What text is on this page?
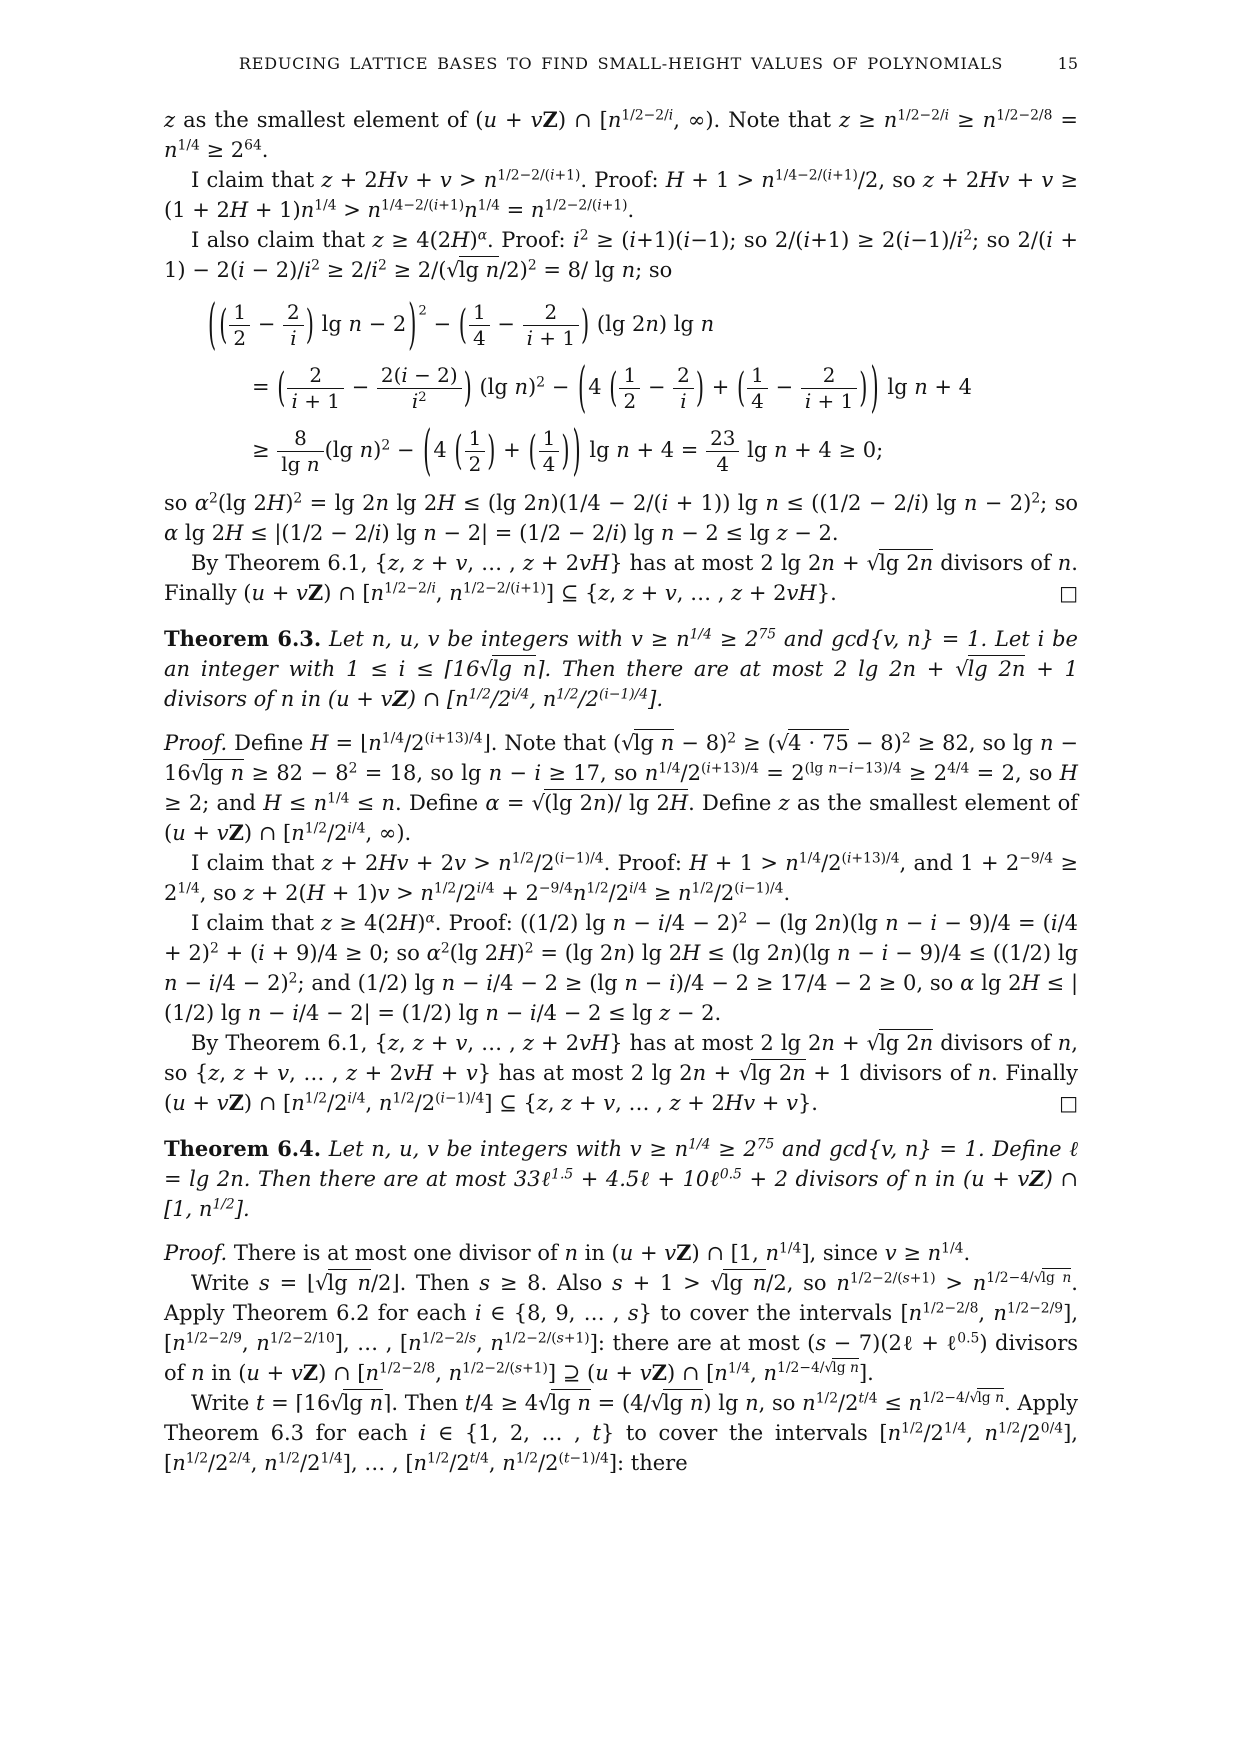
REDUCING LATTICE BASES TO FIND SMALL-HEIGHT VALUES OF POLYNOMIALS	15

z as the smallest element of (u + vZ) ∩ [$n^{1/2-2/i}$, ∞). Note that $z \ge n^{1/2-2/i} \ge n^{1/2-2/8} = n^{1/4} \ge 2^{64}$.

I claim that $z + 2Hv + v > n^{1/2-2/(i+1)}$. Proof: $H + 1 > n^{1/4-2/(i+1)}/2$, so $z + 2Hv + v \ge (1 + 2H + 1)n^{1/4} > n^{1/4-2/(i+1)}n^{1/4} = n^{1/2-2/(i+1)}$.

I also claim that $z \ge 4(2H)^\alpha$. Proof: $i^2 \ge (i+1)(i-1)$; so $2/(i+1) \ge 2(i-1)/i^2$; so $2/(i + 1) - 2(i - 2)/i^2 \ge 2/i^2 \ge 2/(√\lg$ n/2)$^2$ = 8/ lg n; so

( ( $\frac{1}{2} - \frac{2}{i}$ ) lg n − 2) $^2$ − ( $\frac{1}{4} - \frac{2}{i + 1}$ ) (lg 2n) lg n
= ( $\frac{2}{i + 1} - \frac{2(i - 2)}{i^2}$ ) (lg n)$^2$ − (4 ( $\frac{1}{2} - \frac{2}{i}$ ) + ( $\frac{1}{4} - \frac{2}{i + 1}$ ) ) lg n + 4
≥ $\frac{8}{\text{lg n}} (\lg$ n)$^2$ − (4 ( $\frac{1}{2}$ ) + ( $\frac{1}{4}$ ) ) $\lg n + 4 = \frac{23}{4}$ lg n + 4 ≥ 0;

so $\alpha^2(\lg$ 2H)$^2$ = lg 2n lg 2H ≤ (lg 2n)(1/4 − 2/(i + 1)) lg n ≤ ((1/2 − 2/i) lg n − 2)$^2$; so α lg 2H ≤ |(1/2 − 2/i) lg n − 2| = (1/2 − 2/i) lg n − 2 ≤ lg z − 2.

By Theorem 6.1, {z, z + v, … , z + 2vH} has at most 2 lg 2n + √lg 2n divisors of n. Finally (u + vZ) ∩ [$n^{1/2-2/i}$, $n^{1/2-2/(i+1)}$] ⊆ {z, z + v, … , z + 2vH}.	□

Theorem 6.3. Let n, u, v be integers with $v \ge n^{1/4} \ge 2^{75}$ and gcd{v, n} = 1. Let i be an integer with 1 ≤ i ≤ ⌈16√lg n⌉. Then there are at most 2 lg 2n + √lg 2n + 1 divisors of n in (u + vZ) ∩ [$n^{1/2}/2^{i/4}$, $n^{1/2}/2^{(i-1)/4}$].

Proof. Define $H = ⌊n^{1/4}/2^{(i+13)/4}⌋$. Note that (√lg $n - 8)^2 \ge (√4 \cdot 75 - 8)^2 \ge 82$, so lg n − 16√lg $n \ge 82 - 8^2 = 18$, so lg n − i ≥ 17, so $n^{1/4}/2^{(i+13)/4} = 2^{(lg n-i-13)/4} \ge 2^{4/4} = 2$, so H ≥ 2; and $H \le n^{1/4} \le n$. Define α = √(lg 2n)/ lg 2H. Define z as the smallest element of (u + vZ) ∩ [$n^{1/2}/2^{i/4}$, ∞).

I claim that $z + 2Hv + 2v > n^{1/2}/2^{(i-1)/4}$. Proof: $H + 1 > n^{1/4}/2^{(i+13)/4}$, and $1 + 2^{-9/4} \ge 2^{1/4}$, so $z + 2(H + 1)v > n^{1/2}/2^{i/4} + 2^{-9/4}n^{1/2}/2^{i/4} \ge n^{1/2}/2^{(i-1)/4}$.

I claim that $z \ge 4(2H)^\alpha$. Proof: ((1/2) lg n − i/4 − 2)$^2$ − (lg 2n)(lg $n - i - 9)/4 = (i/4 + 2)^2 + (i + 9)/4 \ge 0$; so $\alpha^2(\lg$ 2H)$^2$ = (lg 2n) lg 2H ≤ (lg 2n)(lg n − i − 9)/4 ≤ ((1/2) lg n − i/4 − 2)$^2$; and (1/2) lg n − i/4 − 2 ≥ (lg n − i)/4 − 2 ≥ 17/4 − 2 ≥ 0, so α lg 2H ≤ |(1/2) lg n − i/4 − 2| = (1/2) lg n − i/4 − 2 ≤ lg z − 2.

By Theorem 6.1, {z, z + v, … , z + 2vH} has at most 2 lg 2n + √lg 2n divisors of n, so {z, z + v, … , z + 2vH + v} has at most 2 lg 2n + √lg 2n + 1 divisors of n. Finally (u + vZ) ∩ [$n^{1/2}/2^{i/4}$, $n^{1/2}/2^{(i-1)/4}$] ⊆ {z, z + v, … , z + 2Hv + v}.	□

Theorem 6.4. Let n, u, v be integers with $v \ge n^{1/4} \ge 2^{75}$ and gcd{v, n} = 1. Define ℓ = lg 2n. Then there are at most 33ℓ$^{1.5}$ + 4.5ℓ + 10ℓ$^{0.5}$ + 2 divisors of n in (u + vZ) ∩ [1, $n^{1/2}$].

Proof. There is at most one divisor of n in (u + vZ) ∩ [1, $n^{1/4}$], since $v \ge n^{1/4}$.

Write s = ⌊√lg n/2⌋. Then s ≥ 8. Also s + 1 > √lg n/2, so $n^{1/2-2/(s+1)} > n^{1/2-4/√lg n}$. Apply Theorem 6.2 for each i ∈ {8, 9, … , s} to cover the intervals [$n^{1/2-2/8}$, $n^{1/2-2/9}$], [$n^{1/2-2/9}$, $n^{1/2-2/10}$], … , [$n^{1/2-2/s}$, $n^{1/2-2/(s+1)}$]: there are at most (s − 7)(2ℓ + ℓ$^{0.5}$) divisors of n in (u + vZ) ∩ [$n^{1/2-2/8}$, $n^{1/2-2/(s+1)}$] ⊇ (u + vZ) ∩ [$n^{1/4}$, $n^{1/2-4/√lg n}$].

Write t = ⌈16√lg n⌉. Then t/4 ≥ 4√lg n = (4/√lg n) lg n, so $n^{1/2}/2^{t/4} \le n^{1/2-4/√lg n}$. Apply Theorem 6.3 for each i ∈ {1, 2, … , t} to cover the intervals [$n^{1/2}/2^{1/4}$, $n^{1/2}/2^{0/4}$], [$n^{1/2}/2^{2/4}$, $n^{1/2}/2^{1/4}$], … , [$n^{1/2}/2^{t/4}$, $n^{1/2}/2^{(t-1)/4}$]: there
